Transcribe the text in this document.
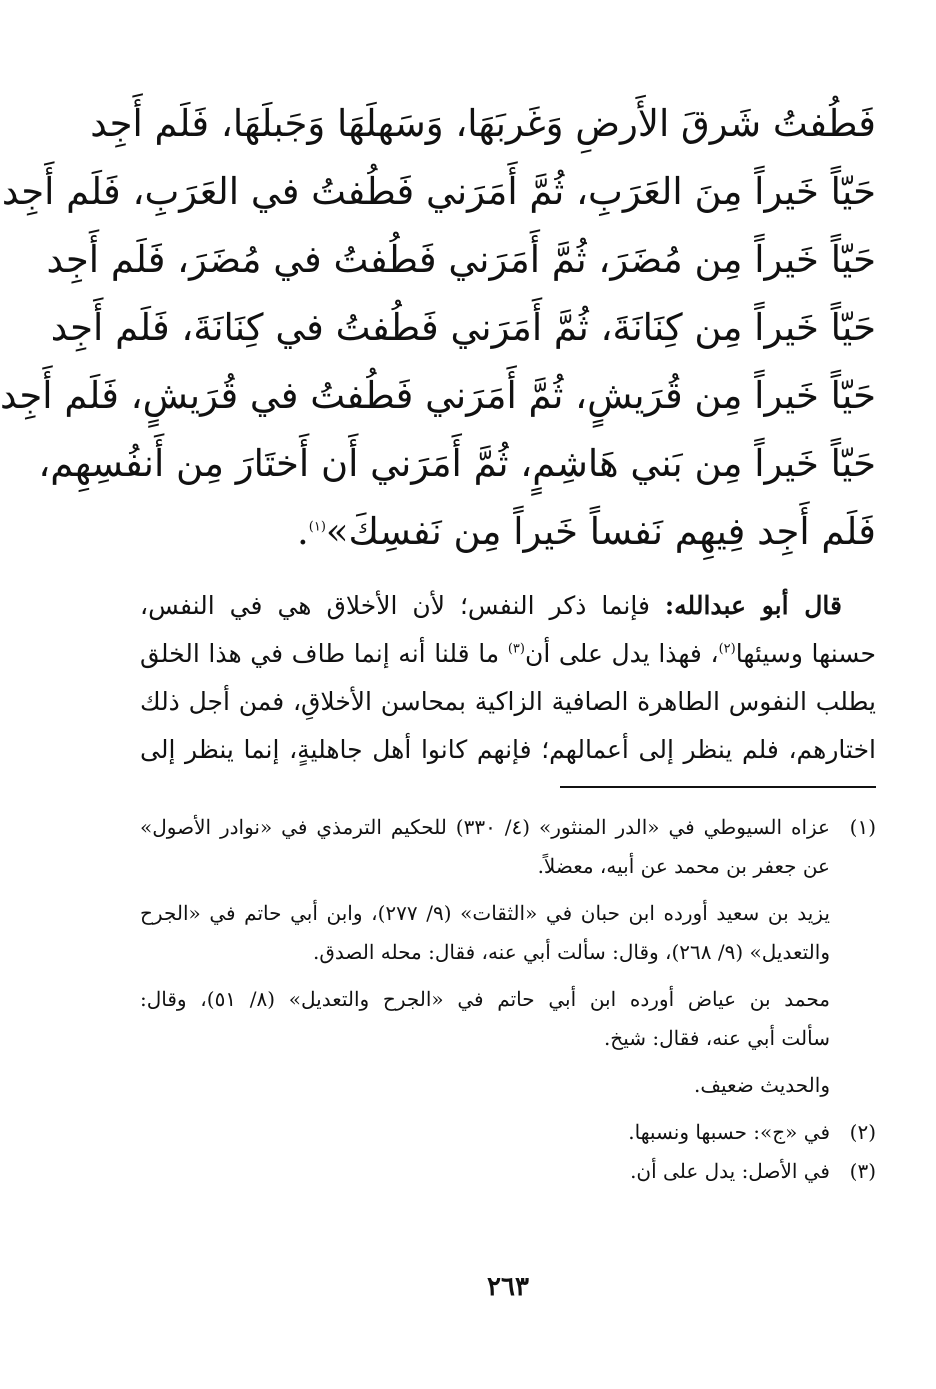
فَطُفتُ شَرقَ الأَرضِ وَغَربَهَا، وَسَهلَهَا وَجَبلَهَا، فَلَم أَجِد
حَيّاً خَيراً مِنَ العَرَبِ، ثُمَّ أَمَرَني فَطُفتُ في العَرَبِ، فَلَم أَجِد
حَيّاً خَيراً مِن مُضَرَ، ثُمَّ أَمَرَني فَطُفتُ في مُضَرَ، فَلَم أَجِد
حَيّاً خَيراً مِن كِنَانَةَ، ثُمَّ أَمَرَني فَطُفتُ في كِنَانَةَ، فَلَم أَجِد
حَيّاً خَيراً مِن قُرَيشٍ، ثُمَّ أَمَرَني فَطُفتُ في قُرَيشٍ، فَلَم أَجِد
حَيّاً خَيراً مِن بَني هَاشِمٍ، ثُمَّ أَمَرَني أَن أَختَارَ مِن أَنفُسِهِم،
فَلَم أَجِد فِيهِم نَفساً خَيراً مِن نَفسِكَ»$^{(١)}$.
قال أبو عبدالله: فإنما ذكر النفس؛ لأن الأخلاق هي في النفس،
حسنها وسيئها$^{(٢)}$، فهذا يدل على أن$^{(٣)}$ ما قلنا أنه إنما طاف في هذا الخلق
يطلب النفوس الطاهرة الصافية الزاكية بمحاسن الأخلاقِ، فمن أجل ذلك
اختارهم، فلم ينظر إلى أعمالهم؛ فإنهم كانوا أهل جاهليةٍ، إنما ينظر إلى
(١)عزاه السيوطي في «الدر المنثور» (٤/ ٣٣٠) للحكيم الترمذي في «نوادر الأصول»
عن جعفر بن محمد عن أبيه، معضلاً.
يزيد بن سعيد أورده ابن حبان في «الثقات» (٩/ ٢٧٧)، وابن أبي حاتم في «الجرح
والتعديل» (٩/ ٢٦٨)، وقال: سألت أبي عنه، فقال: محله الصدق.
محمد بن عياض أورده ابن أبي حاتم في «الجرح والتعديل» (٨/ ٥١)، وقال:
سألت أبي عنه، فقال: شيخ.
والحديث ضعيف.
(٢)في «ج»: حسبها ونسبها.
(٣)في الأصل: يدل على أن.
٢٦٣
